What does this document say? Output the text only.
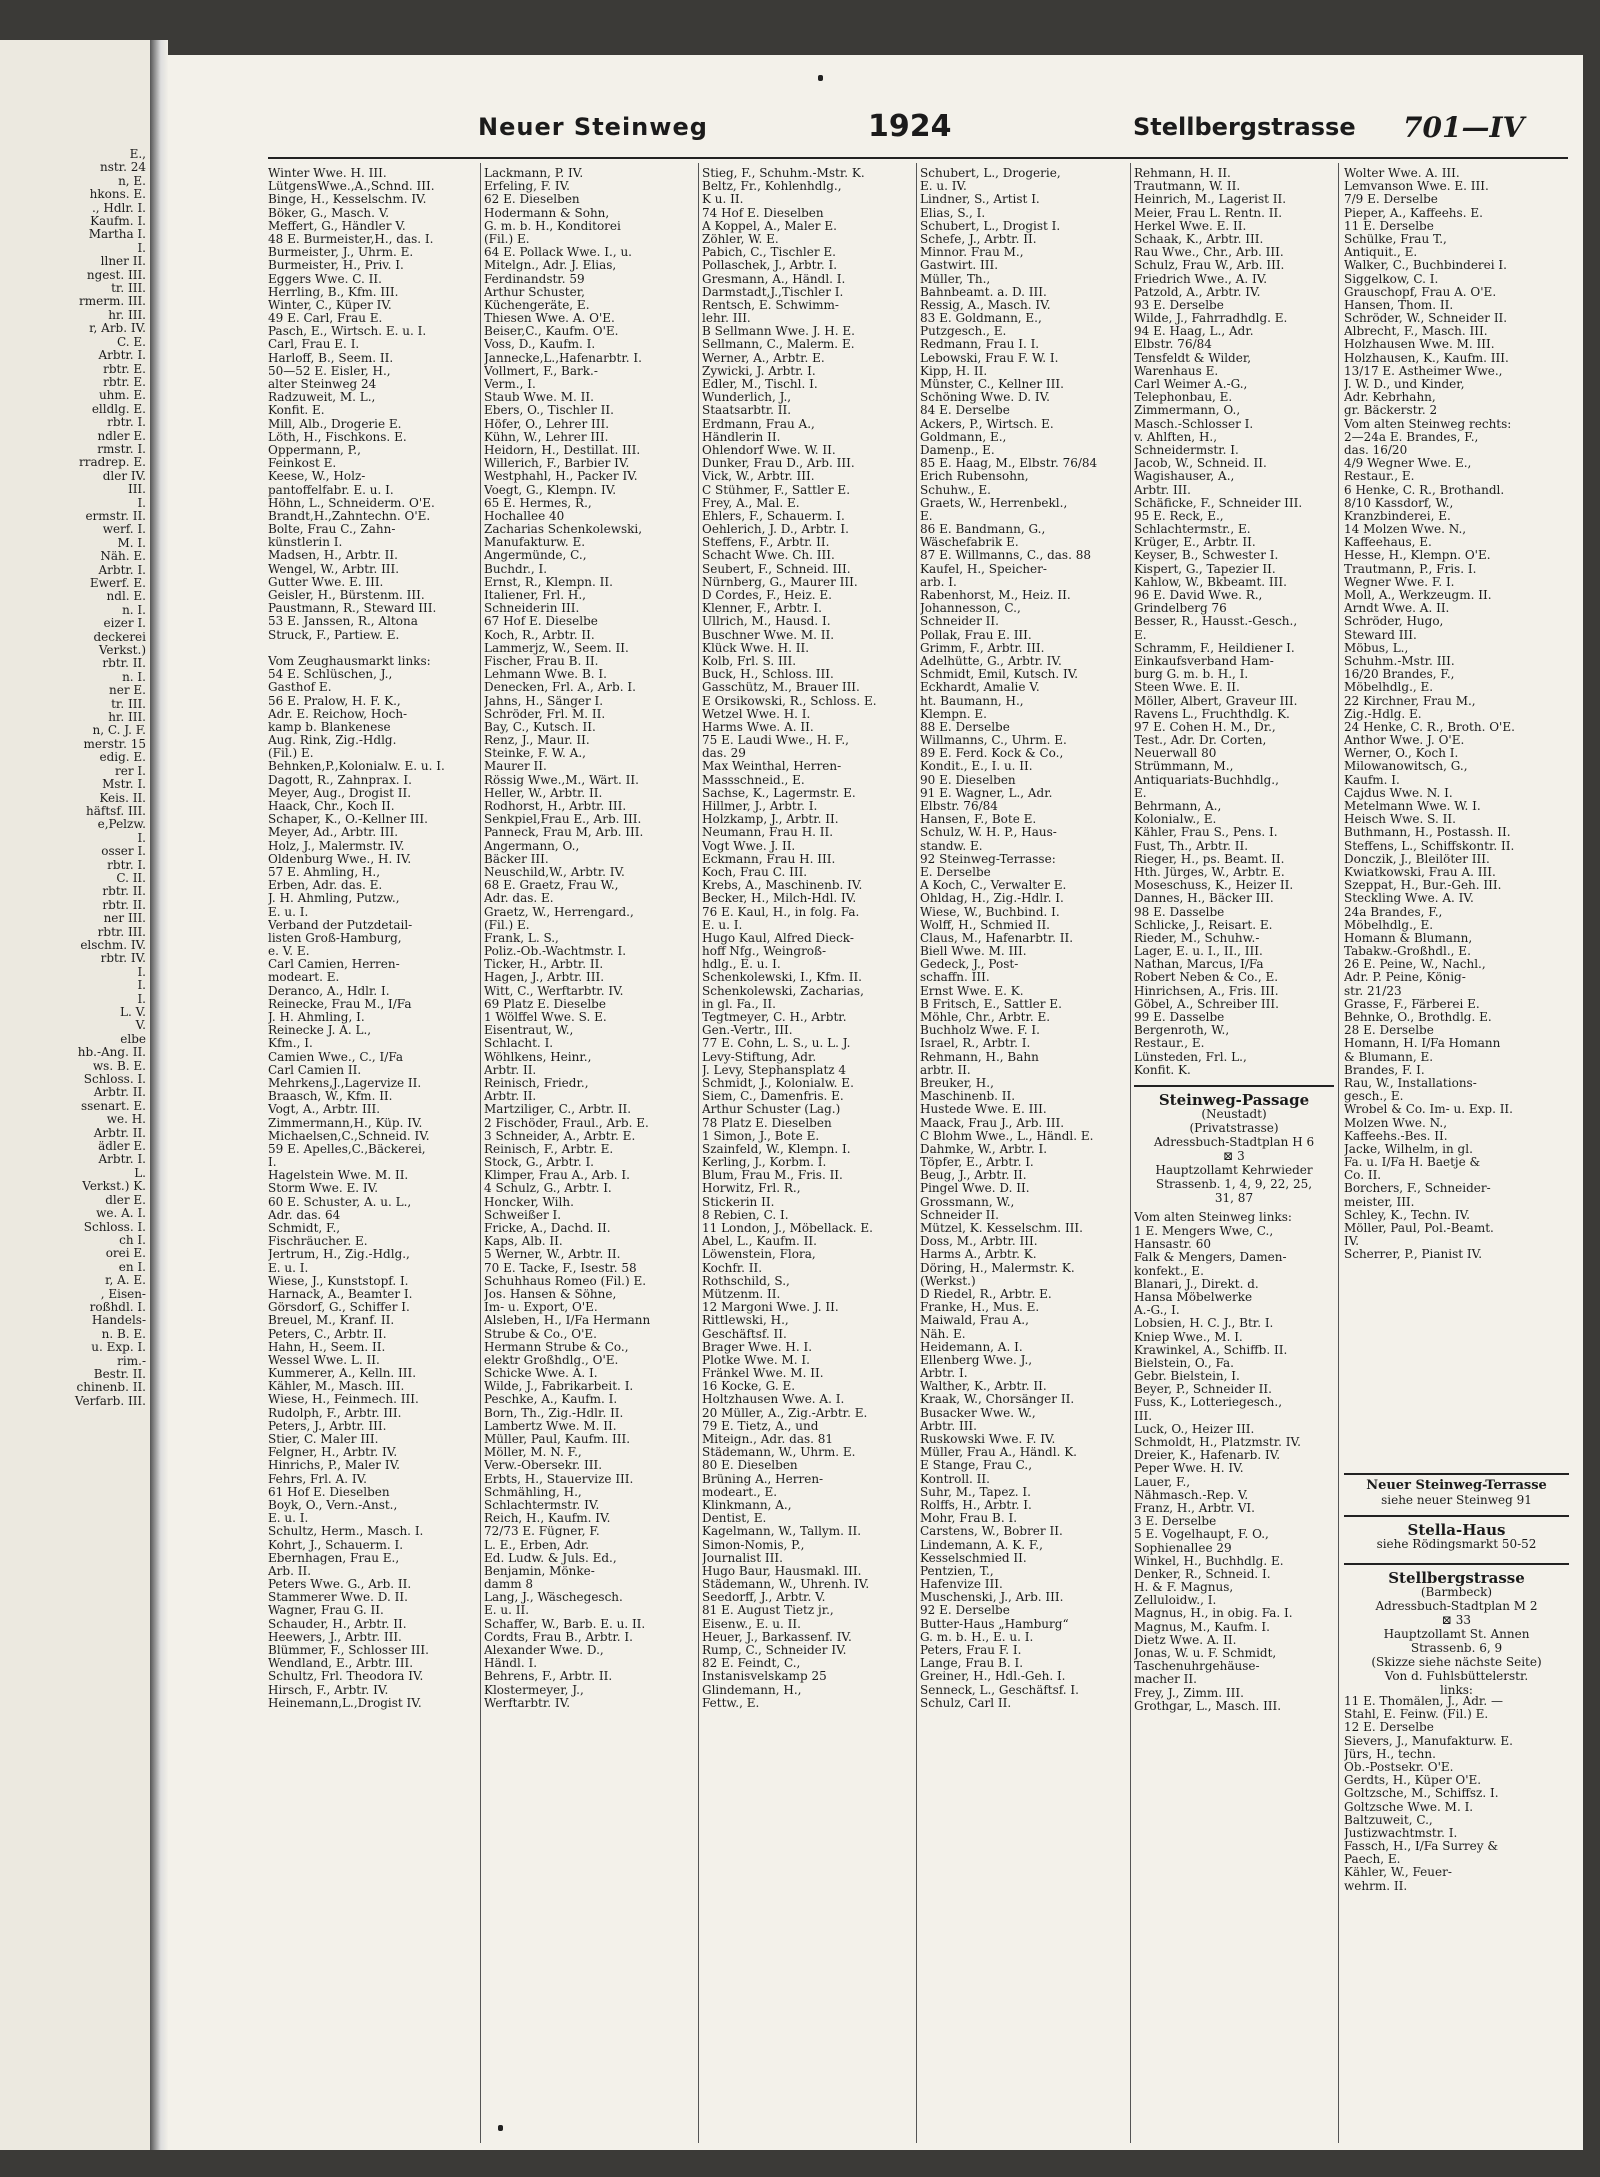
E.,
nstr. 24
n, E.
hkons. E.
., Hdlr. I.
Kaufm. I.
Martha I.
I.
llner II.
ngest. III.
tr. III.
rmerm. III.
hr. III.
r, Arb. IV.
C. E.
Arbtr. I.
rbtr. E.
rbtr. E.
uhm. E.
elldlg. E.
rbtr. I.
ndler E.
rmstr. I.
rradrep. E.
dler IV.
III.
I.
ermstr. II.
werf. I.
M. I.
Näh. E.
Arbtr. I.
Ewerf. E.
ndl. E.
n. I.
eizer I.
deckerei
Verkst.)
rbtr. II.
n. I.
ner E.
tr. III.
hr. III.
n, C. J. F.
merstr. 15
edig. E.
rer I.
Mstr. I.
Keis. II.
häftsf. III.
e,Pelzw.
I.
osser I.
rbtr. I.
C. II.
rbtr. II.
rbtr. II.
ner III.
rbtr. III.
elschm. IV.
rbtr. IV.
I.
I.
I.
L. V.
V.
elbe
hb.-Ang. II.
ws. B. E.
Schloss. I.
Arbtr. II.
ssenart. E.
we. H.
Arbtr. II.
ädler E.
Arbtr. I.
L.
Verkst.) K.
dler E.
we. A. I.
Schloss. I.
ch I.
orei E.
en I.
r, A. E.
, Eisen-
roßhdl. I.
Handels-
n. B. E.
u. Exp. I.
rim.-
Bestr. II.
chinenb. II.
Verfarb. III.
Neuer Steinweg	1924	Stellbergstrasse 701—IV
Winter Wwe. H. III.
LütgensWwe.,A.,Schnd. III.
Binge, H., Kesselschm. IV.
Böker, G., Masch. V.
Meffert, G., Händler V.
48 E. Burmeister,H., das. I.
Burmeister, J., Uhrm. E.
Burmeister, H., Priv. I.
Eggers Wwe. C. II.
Herrling, B., Kfm. III.
Winter, C., Küper IV.
49 E. Carl, Frau E.
Pasch, E., Wirtsch. E. u. I.
Carl, Frau E. I.
Harloff, B., Seem. II.
50—52 E. Eisler, H.,
alter Steinweg 24
Radzuweit, M. L.,
Konfit. E.
Mill, Alb., Drogerie E.
Löth, H., Fischkons. E.
Oppermann, P.,
Feinkost E.
Keese, W., Holz-
pantoffelfabr. E. u. I.
Höhn, L., Schneiderm. O'E.
Brandt,H.,Zahntechn. O'E.
Bolte, Frau C., Zahn-
künstlerin I.
Madsen, H., Arbtr. II.
Wengel, W., Arbtr. III.
Gutter Wwe. E. III.
Geisler, H., Bürstenm. III.
Paustmann, R., Steward III.
53 E. Janssen, R., Altona
Struck, F., Partiew. E.
Vom Zeughausmarkt links:
54 E. Schlüschen, J.,
Gasthof E.
56 E. Pralow, H. F. K.,
Adr. E. Reichow, Hoch-
kamp b. Blankenese
Aug. Rink, Zig.-Hdlg.
(Fil.) E.
Behnken,P.,Kolonialw. E. u. I.
Dagott, R., Zahnprax. I.
Meyer, Aug., Drogist II.
Haack, Chr., Koch II.
Schaper, K., O.-Kellner III.
Meyer, Ad., Arbtr. III.
Holz, J., Malermstr. IV.
Oldenburg Wwe., H. IV.
57 E. Ahmling, H.,
Erben, Adr. das. E.
J. H. Ahmling, Putzw.,
E. u. I.
Verband der Putzdetail-
listen Groß-Hamburg,
e. V. E.
Carl Camien, Herren-
modeart. E.
Deranco, A., Hdlr. I.
Reinecke, Frau M., I/Fa
J. H. Ahmling, I.
Reinecke J. A. L.,
Kfm., I.
Camien Wwe., C., I/Fa
Carl Camien II.
Mehrkens,J.,Lagervize II.
Braasch, W., Kfm. II.
Vogt, A., Arbtr. III.
Zimmermann,H., Küp. IV.
Michaelsen,C.,Schneid. IV.
59 E. Apelles,C.,Bäckerei,
I.
Hagelstein Wwe. M. II.
Storm Wwe. E. IV.
60 E. Schuster, A. u. L.,
Adr. das. 64
Schmidt, F.,
Fischräucher. E.
Jertrum, H., Zig.-Hdlg.,
E. u. I.
Wiese, J., Kunststopf. I.
Harnack, A., Beamter I.
Görsdorf, G., Schiffer I.
Breuel, M., Kranf. II.
Peters, C., Arbtr. II.
Hahn, H., Seem. II.
Wessel Wwe. L. II.
Kummerer, A., Kelln. III.
Kähler, M., Masch. III.
Wiese, H., Feinmech. III.
Rudolph, F., Arbtr. III.
Peters, J., Arbtr. III.
Stier, C. Maler III.
Felgner, H., Arbtr. IV.
Hinrichs, P., Maler IV.
Fehrs, Frl. A. IV.
61 Hof E. Dieselben
Boyk, O., Vern.-Anst.,
E. u. I.
Schultz, Herm., Masch. I.
Kohrt, J., Schauerm. I.
Ebernhagen, Frau E.,
Arb. II.
Peters Wwe. G., Arb. II.
Stammerer Wwe. D. II.
Wagner, Frau G. II.
Schauder, H., Arbtr. II.
Heewers, J., Arbtr. III.
Blümmer, F., Schlosser III.
Wendland, E., Arbtr. III.
Schultz, Frl. Theodora IV.
Hirsch, F., Arbtr. IV.
Heinemann,L.,Drogist IV.
Lackmann, P. IV.
Erfeling, F. IV.
62 E. Dieselben
Hodermann & Sohn,
G. m. b. H., Konditorei
(Fil.) E.
64 E. Pollack Wwe. I., u.
Mitelgn., Adr. J. Elias,
Ferdinandstr. 59
Arthur Schuster,
Küchengeräte, E.
Thiesen Wwe. A. O'E.
Beiser,C., Kaufm. O'E.
Voss, D., Kaufm. I.
Jannecke,L.,Hafenarbtr. I.
Vollmert, F., Bark.-
Verm., I.
Staub Wwe. M. II.
Ebers, O., Tischler II.
Höfer, O., Lehrer III.
Kühn, W., Lehrer III.
Heidorn, H., Destillat. III.
Willerich, F., Barbier IV.
Westphahl, H., Packer IV.
Voegt, G., Klempn. IV.
65 E. Hermes, R.,
Hochallee 40
Zacharias Schenkolewski,
Manufakturw. E.
Angermünde, C.,
Buchdr., I.
Ernst, R., Klempn. II.
Italiener, Frl. H.,
Schneiderin III.
67 Hof E. Dieselbe
Koch, R., Arbtr. II.
Lammerjz, W., Seem. II.
Fischer, Frau B. II.
Lehmann Wwe. B. I.
Denecken, Frl. A., Arb. I.
Jahns, H., Sänger I.
Schröder, Frl. M. II.
Bay, C., Kutsch. II.
Renz, J., Maur. II.
Steinke, F. W. A.,
Maurer II.
Rössig Wwe.,M., Wärt. II.
Heller, W., Arbtr. II.
Rodhorst, H., Arbtr. III.
Senkpiel,Frau E., Arb. III.
Panneck, Frau M, Arb. III.
Angermann, O.,
Bäcker III.
Neuschild,W., Arbtr. IV.
68 E. Graetz, Frau W.,
Adr. das. E.
Graetz, W., Herrengard.,
(Fil.) E.
Frank, L. S.,
Poliz.-Ob.-Wachtmstr. I.
Ticker, H., Arbtr. II.
Hagen, J., Arbtr. III.
Witt, C., Werftarbtr. IV.
69 Platz E. Dieselbe
1 Wölffel Wwe. S. E.
Eisentraut, W.,
Schlacht. I.
Wöhlkens, Heinr.,
Arbtr. II.
Reinisch, Friedr.,
Arbtr. II.
Martziliger, C., Arbtr. II.
2 Fischöder, Fraul., Arb. E.
3 Schneider, A., Arbtr. E.
Reinisch, F., Arbtr. E.
Stock, G., Arbtr. I.
Klimper, Frau A., Arb. I.
4 Schulz, G., Arbtr. I.
Honcker, Wilh.
Schweißer I.
Fricke, A., Dachd. II.
Kaps, Alb. II.
5 Werner, W., Arbtr. II.
70 E. Tacke, F., Isestr. 58
Schuhhaus Romeo (Fil.) E.
Jos. Hansen & Söhne,
Im- u. Export, O'E.
Alsleben, H., I/Fa Hermann
Strube & Co., O'E.
Hermann Strube & Co.,
elektr Großhdlg., O'E.
Schicke Wwe. A. I.
Wilde, J., Fabrikarbeit. I.
Peschke, A., Kaufm. I.
Born, Th., Zig.-Hdlr. II.
Lambertz Wwe. M. II.
Müller, Paul, Kaufm. III.
Möller, M. N. F.,
Verw.-Obersekr. III.
Erbts, H., Stauervize III.
Schmähling, H.,
Schlachtermstr. IV.
Reich, H., Kaufm. IV.
72/73 E. Fügner, F.
L. E., Erben, Adr.
Ed. Ludw. & Juls. Ed.,
Benjamin, Mönke-
damm 8
Lang, J., Wäschegesch.
E. u. II.
Schaffer, W., Barb. E. u. II.
Cordts, Frau B., Arbtr. I.
Alexander Wwe. D.,
Händl. I.
Behrens, F., Arbtr. II.
Klostermeyer, J.,
Werftarbtr. IV.
Stieg, F., Schuhm.-Mstr. K.
Beltz, Fr., Kohlenhdlg.,
K u. II.
74 Hof E. Dieselben
A Koppel, A., Maler E.
Zöhler, W. E.
Pabich, C., Tischler E.
Pollaschek, J., Arbtr. I.
Gresmann, A., Händl. I.
Darmstadt,J.,Tischler I.
Rentsch, E. Schwimm-
lehr. III.
B Sellmann Wwe. J. H. E.
Sellmann, C., Malerm. E.
Werner, A., Arbtr. E.
Zywicki, J. Arbtr. I.
Edler, M., Tischl. I.
Wunderlich, J.,
Staatsarbtr. II.
Erdmann, Frau A.,
Händlerin II.
Ohlendorf Wwe. W. II.
Dunker, Frau D., Arb. III.
Vick, W., Arbtr. III.
C Stühmer, F., Sattler E.
Frey, A., Mal. E.
Ehlers, F., Schauerm. I.
Oehlerich, J. D., Arbtr. I.
Steffens, F., Arbtr. II.
Schacht Wwe. Ch. III.
Seubert, F., Schneid. III.
Nürnberg, G., Maurer III.
D Cordes, F., Heiz. E.
Klenner, F., Arbtr. I.
Ullrich, M., Hausd. I.
Buschner Wwe. M. II.
Klück Wwe. H. II.
Kolb, Frl. S. III.
Buck, H., Schloss. III.
Gasschütz, M., Brauer III.
E Orsikowski, R., Schloss. E.
Wetzel Wwe. H. I.
Harms Wwe. A. II.
75 E. Laudi Wwe., H. F.,
das. 29
Max Weinthal, Herren-
Massschneid., E.
Sachse, K., Lagermstr. E.
Hillmer, J., Arbtr. I.
Holzkamp, J., Arbtr. II.
Neumann, Frau H. II.
Vogt Wwe. J. II.
Eckmann, Frau H. III.
Koch, Frau C. III.
Krebs, A., Maschinenb. IV.
Becker, H., Milch-Hdl. IV.
76 E. Kaul, H., in folg. Fa.
E. u. I.
Hugo Kaul, Alfred Dieck-
hoff Nfg., Weingroß-
hdlg., E. u. I.
Schenkolewski, I., Kfm. II.
Schenkolewski, Zacharias,
in gl. Fa., II.
Tegtmeyer, C. H., Arbtr.
Gen.-Vertr., III.
77 E. Cohn, L. S., u. L. J.
Levy-Stiftung, Adr.
J. Levy, Stephansplatz 4
Schmidt, J., Kolonialw. E.
Siem, C., Damenfris. E.
Arthur Schuster (Lag.)
78 Platz E. Dieselben
1 Simon, J., Bote E.
Szainfeld, W., Klempn. I.
Kerling, J., Korbm. I.
Blum, Frau M., Fris. II.
Horwitz, Frl. R.,
Stickerin II.
8 Rebien, C. I.
11 London, J., Möbellack. E.
Abel, L., Kaufm. II.
Löwenstein, Flora,
Kochfr. II.
Rothschild, S.,
Mützenm. II.
12 Margoni Wwe. J. II.
Rittlewski, H.,
Geschäftsf. II.
Brager Wwe. H. I.
Plotke Wwe. M. I.
Fränkel Wwe. M. II.
16 Kocke, G. E.
Holtzhausen Wwe. A. I.
20 Müller, A., Zig.-Arbtr. E.
79 E. Tietz, A., und
Miteign., Adr. das. 81
Städemann, W., Uhrm. E.
80 E. Dieselben
Brüning A., Herren-
modeart., E.
Klinkmann, A.,
Dentist, E.
Kagelmann, W., Tallym. II.
Simon-Nomis, P.,
Journalist III.
Hugo Baur, Hausmakl. III.
Städemann, W., Uhrenh. IV.
Seedorff, J., Arbtr. V.
81 E. August Tietz jr.,
Eisenw., E. u. II.
Heuer, J., Barkassenf. IV.
Rump, C., Schneider IV.
82 E. Feindt, C.,
Instanisvelskamp 25
Glindemann, H.,
Fettw., E.
Schubert, L., Drogerie,
E. u. IV.
Lindner, S., Artist I.
Elias, S., I.
Schubert, L., Drogist I.
Schefe, J., Arbtr. II.
Minnor. Frau M.,
Gastwirt. III.
Müller, Th.,
Bahnbeamt. a. D. III.
Ressig, A., Masch. IV.
83 E. Goldmann, E.,
Putzgesch., E.
Redmann, Frau I. I.
Lebowski, Frau F. W. I.
Kipp, H. II.
Münster, C., Kellner III.
Schöning Wwe. D. IV.
84 E. Derselbe
Ackers, P., Wirtsch. E.
Goldmann, E.,
Damenp., E.
85 E. Haag, M., Elbstr. 76/84
Erich Rubensohn,
Schuhw., E.
Graets, W., Herrenbekl.,
E.
86 E. Bandmann, G.,
Wäschefabrik E.
87 E. Willmanns, C., das. 88
Kaufel, H., Speicher-
arb. I.
Rabenhorst, M., Heiz. II.
Johannesson, C.,
Schneider II.
Pollak, Frau E. III.
Grimm, F., Arbtr. III.
Adelhütte, G., Arbtr. IV.
Schmidt, Emil, Kutsch. IV.
Eckhardt, Amalie V.
ht. Baumann, H.,
Klempn. E.
88 E. Derselbe
Willmanns, C., Uhrm. E.
89 E. Ferd. Kock & Co.,
Kondit., E., I. u. II.
90 E. Dieselben
91 E. Wagner, L., Adr.
Elbstr. 76/84
Hansen, F., Bote E.
Schulz, W. H. P., Haus-
standw. E.
92 Steinweg-Terrasse:
E. Derselbe
A Koch, C., Verwalter E.
Ohldag, H., Zig.-Hdlr. I.
Wiese, W., Buchbind. I.
Wolff, H., Schmied II.
Claus, M., Hafenarbtr. II.
Biell Wwe. M. III.
Gedeck, J., Post-
schaffn. III.
Ernst Wwe. E. K.
B Fritsch, E., Sattler E.
Möhle, Chr., Arbtr. E.
Buchholz Wwe. F. I.
Israel, R., Arbtr. I.
Rehmann, H., Bahn
arbtr. II.
Breuker, H.,
Maschinenb. II.
Hustede Wwe. E. III.
Maack, Frau J., Arb. III.
C Blohm Wwe., L., Händl. E.
Dahmke, W., Arbtr. I.
Töpfer, E., Arbtr. I.
Beug, J., Arbtr. II.
Pingel Wwe. D. II.
Grossmann, W.,
Schneider II.
Mützel, K. Kesselschm. III.
Doss, M., Arbtr. III.
Harms A., Arbtr. K.
Döring, H., Malermstr. K.
(Werkst.)
D Riedel, R., Arbtr. E.
Franke, H., Mus. E.
Maiwald, Frau A.,
Näh. E.
Heidemann, A. I.
Ellenberg Wwe. J.,
Arbtr. I.
Walther, K., Arbtr. II.
Kraak, W., Chorsänger II.
Busacker Wwe. W.,
Arbtr. III.
Ruskowski Wwe. F. IV.
Müller, Frau A., Händl. K.
E Stange, Frau C.,
Kontroll. II.
Suhr, M., Tapez. I.
Rolffs, H., Arbtr. I.
Mohr, Frau B. I.
Carstens, W., Bobrer II.
Lindemann, A. K. F.,
Kesselschmied II.
Pentzien, T.,
Hafenvize III.
Muschenski, J., Arb. III.
92 E. Derselbe
Butter-Haus „Hamburg“
G. m. b. H., E. u. I.
Peters, Frau F. I.
Lange, Frau B. I.
Greiner, H., Hdl.-Geh. I.
Senneck, L., Geschäftsf. I.
Schulz, Carl II.
Rehmann, H. II.
Trautmann, W. II.
Heinrich, M., Lagerist II.
Meier, Frau L. Rentn. II.
Herkel Wwe. E. II.
Schaak, K., Arbtr. III.
Rau Wwe., Chr., Arb. III.
Schulz, Frau W., Arb. III.
Friedrich Wwe., A. IV.
Patzold, A., Arbtr. IV.
93 E. Derselbe
Wilde, J., Fahrradhdlg. E.
94 E. Haag, L., Adr.
Elbstr. 76/84
Tensfeldt & Wilder,
Warenhaus E.
Carl Weimer A.-G.,
Telephonbau, E.
Zimmermann, O.,
Masch.-Schlosser I.
v. Ahlften, H.,
Schneidermstr. I.
Jacob, W., Schneid. II.
Wagishauser, A.,
Arbtr. III.
Schäficke, F., Schneider III.
95 E. Reck, E.,
Schlachtermstr., E.
Krüger, E., Arbtr. II.
Keyser, B., Schwester I.
Kispert, G., Tapezier II.
Kahlow, W., Bkbeamt. III.
96 E. David Wwe. R.,
Grindelberg 76
Besser, R., Hausst.-Gesch.,
E.
Schramm, F., Heildiener I.
Einkaufsverband Ham-
burg G. m. b. H., I.
Steen Wwe. E. II.
Möller, Albert, Graveur III.
Ravens L., Fruchthdlg. K.
97 E. Cohen H. M., Dr.,
Test., Adr. Dr. Corten,
Neuerwall 80
Strümmann, M.,
Antiquariats-Buchhdlg.,
E.
Behrmann, A.,
Kolonialw., E.
Kähler, Frau S., Pens. I.
Fust, Th., Arbtr. II.
Rieger, H., ps. Beamt. II.
Hth. Jürges, W., Arbtr. E.
Moseschuss, K., Heizer II.
Dannes, H., Bäcker III.
98 E. Dasselbe
Schlicke, J., Reisart. E.
Rieder, M., Schuhw.-
Lager, E. u. I., II., III.
Nathan, Marcus, I/Fa
Robert Neben & Co., E.
Hinrichsen, A., Fris. III.
Göbel, A., Schreiber III.
99 E. Dasselbe
Bergenroth, W.,
Restaur., E.
Lünsteden, Frl. L.,
Konfit. K.
Steinweg-Passage
(Neustadt)
(Privatstrasse)
Adressbuch-Stadtplan H 6
⊠ 3
Hauptzollamt Kehrwieder
Strassenb. 1, 4, 9, 22, 25,
31, 87
1 E. Mengers Wwe, C.,
Hansastr. 60
Falk & Mengers, Damen-
konfekt., E.
Blanari, J., Direkt. d.
Hansa Möbelwerke
A.-G., I.
Lobsien, H. C. J., Btr. I.
Kniep Wwe., M. I.
Krawinkel, A., Schiffb. II.
Bielstein, O., Fa.
Gebr. Bielstein, I.
Beyer, P., Schneider II.
Fuss, K., Lotteriegesch.,
III.
Luck, O., Heizer III.
Schmoldt, H., Platzmstr. IV.
Dreier, K., Hafenarb. IV.
Peper Wwe. H. IV.
Lauer, F.,
Nähmasch.-Rep. V.
Franz, H., Arbtr. VI.
3 E. Derselbe
5 E. Vogelhaupt, F. O.,
Sophienallee 29
Winkel, H., Buchhdlg. E.
Denker, R., Schneid. I.
H. & F. Magnus,
Zelluloidw., I.
Magnus, H., in obig. Fa. I.
Magnus, M., Kaufm. I.
Dietz Wwe. A. II.
Jonas, W. u. F. Schmidt,
Taschenuhrgehäuse-
macher II.
Frey, J., Zimm. III.
Grothgar, L., Masch. III.
Vom alten Steinweg links:
Wolter Wwe. A. III.
Lemvanson Wwe. E. III.
7/9 E. Derselbe
Pieper, A., Kaffeehs. E.
11 E. Derselbe
Schülke, Frau T.,
Antiquit., E.
Walker, C., Buchbinderei I.
Siggelkow, C. I.
Grauschopf, Frau A. O'E.
Hansen, Thom. II.
Schröder, W., Schneider II.
Albrecht, F., Masch. III.
Holzhausen Wwe. M. III.
Holzhausen, K., Kaufm. III.
13/17 E. Astheimer Wwe.,
J. W. D., und Kinder,
Adr. Kebrhahn,
gr. Bäckerstr. 2
Vom alten Steinweg rechts:
2—24a E. Brandes, F.,
das. 16/20
4/9 Wegner Wwe. E.,
Restaur., E.
6 Henke, C. R., Brothandl.
8/10 Kassdorf, W.,
Kranzbinderei, E.
14 Molzen Wwe. N.,
Kaffeehaus, E.
Hesse, H., Klempn. O'E.
Trautmann, P., Fris. I.
Wegner Wwe. F. I.
Moll, A., Werkzeugm. II.
Arndt Wwe. A. II.
Schröder, Hugo,
Steward III.
Möbus, L.,
Schuhm.-Mstr. III.
16/20 Brandes, F.,
Möbelhdlg., E.
22 Kirchner, Frau M.,
Zig.-Hdlg. E.
24 Henke, C. R., Broth. O'E.
Anthor Wwe. J. O'E.
Werner, O., Koch I.
Milowanowitsch, G.,
Kaufm. I.
Cajdus Wwe. N. I.
Metelmann Wwe. W. I.
Heisch Wwe. S. II.
Buthmann, H., Postassh. II.
Steffens, L., Schiffskontr. II.
Donczik, J., Bleilöter III.
Kwiatkowski, Frau A. III.
Szeppat, H., Bur.-Geh. III.
Steckling Wwe. A. IV.
24a Brandes, F.,
Möbelhdlg., E.
Homann & Blumann,
Tabakw.-Großhdl., E.
26 E. Peine, W., Nachl.,
Adr. P. Peine, König-
str. 21/23
Grasse, F., Färberei E.
Behnke, O., Brothdlg. E.
28 E. Derselbe
Homann, H. I/Fa Homann
& Blumann, E.
Brandes, F. I.
Rau, W., Installations-
gesch., E.
Wrobel & Co. Im- u. Exp. II.
Molzen Wwe. N.,
Kaffeehs.-Bes. II.
Jacke, Wilhelm, in gl.
Fa. u. I/Fa H. Baetje &
Co. II.
Borchers, F., Schneider-
meister, III.
Schley, K., Techn. IV.
Möller, Paul, Pol.-Beamt.
IV.
Scherrer, P., Pianist IV.
Neuer Steinweg-Terrasse
siehe neuer Steinweg 91
Stella-Haus
siehe Rödingsmarkt 50-52
Stellbergstrasse
(Barmbeck)
Adressbuch-Stadtplan M 2
⊠ 33
Hauptzollamt St. Annen
Strassenb. 6, 9
(Skizze siehe nächste Seite)
Von d. Fuhlsbüttelerstr.
links:
11 E. Thomälen, J., Adr. —
Stahl, E. Feinw. (Fil.) E.
12 E. Derselbe
Sievers, J., Manufakturw. E.
Jürs, H., techn.
Ob.-Postsekr. O'E.
Gerdts, H., Küper O'E.
Goltzsche, M., Schiffsz. I.
Goltzsche Wwe. M. I.
Baltzuweit, C.,
Justizwachtmstr. I.
Fassch, H., I/Fa Surrey &
Paech, E.
Kähler, W., Feuer-
wehrm. II.
